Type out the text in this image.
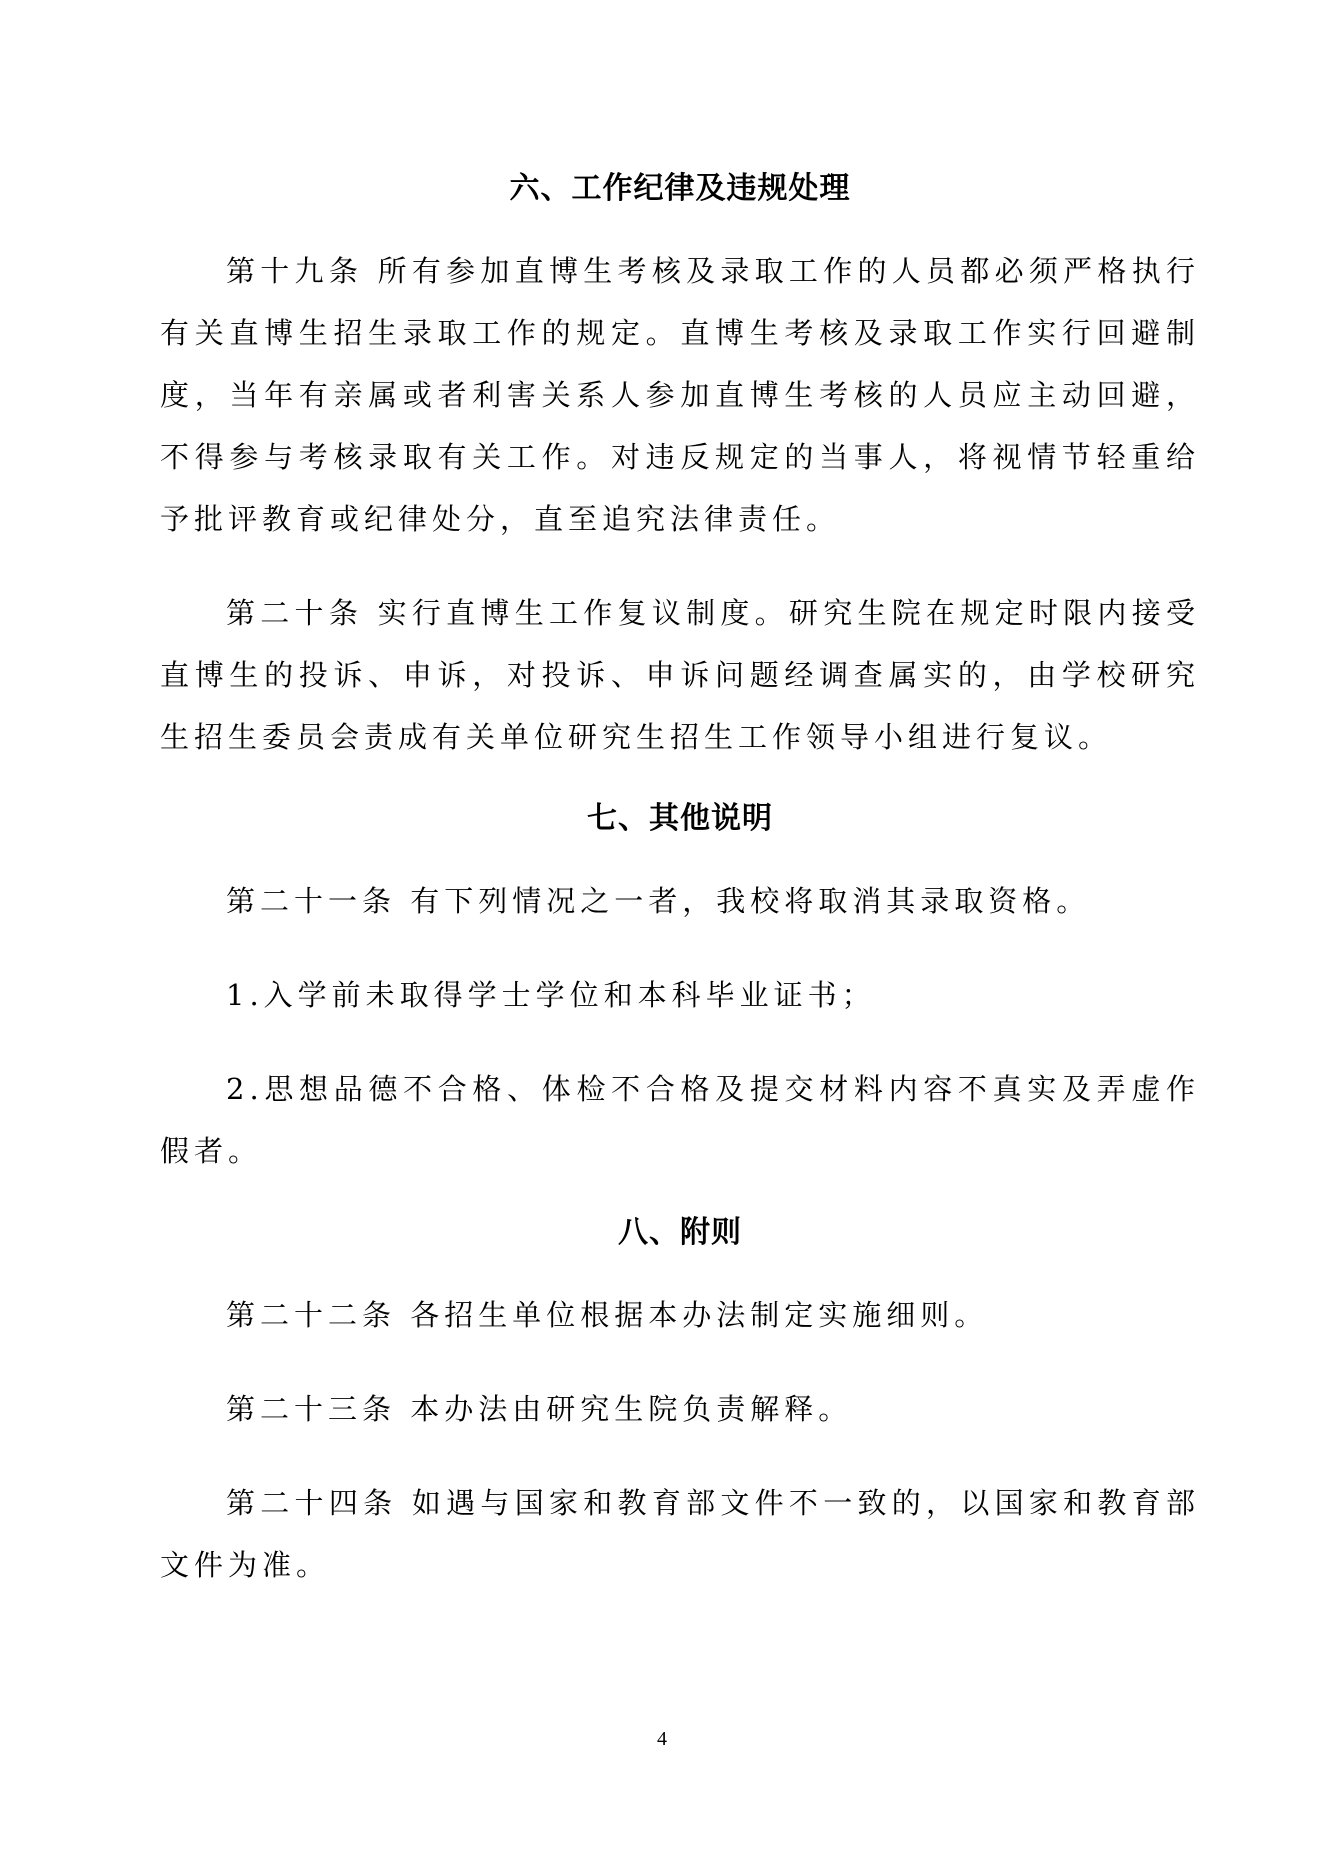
六、工作纪律及违规处理

第十九条 所有参加直博生考核及录取工作的人员都必须严格执行有关直博生招生录取工作的规定。直博生考核及录取工作实行回避制度，当年有亲属或者利害关系人参加直博生考核的人员应主动回避，不得参与考核录取有关工作。对违反规定的当事人，将视情节轻重给予批评教育或纪律处分，直至追究法律责任。

第二十条 实行直博生工作复议制度。研究生院在规定时限内接受直博生的投诉、申诉，对投诉、申诉问题经调查属实的，由学校研究生招生委员会责成有关单位研究生招生工作领导小组进行复议。

七、其他说明

第二十一条 有下列情况之一者，我校将取消其录取资格。

1.入学前未取得学士学位和本科毕业证书；

2.思想品德不合格、体检不合格及提交材料内容不真实及弄虚作假者。

八、附则

第二十二条 各招生单位根据本办法制定实施细则。

第二十三条 本办法由研究生院负责解释。

第二十四条 如遇与国家和教育部文件不一致的，以国家和教育部文件为准。

4
